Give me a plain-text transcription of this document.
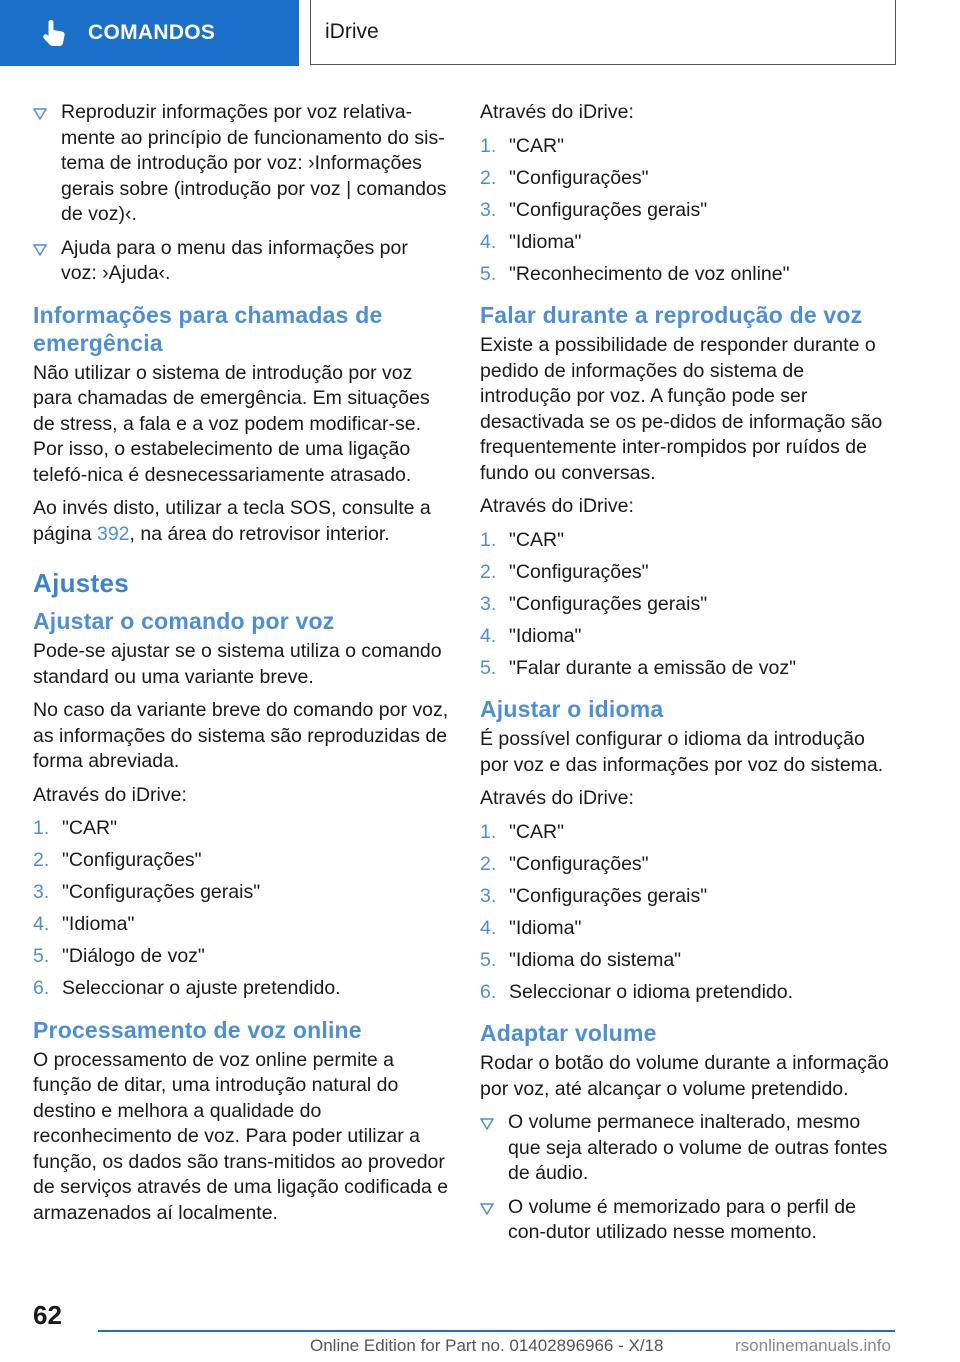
COMANDOS	iDrive
Reproduzir informações por voz relativa-mente ao princípio de funcionamento do sis-tema de introdução por voz: ›Informações gerais sobre (introdução por voz | comandos de voz)‹.
Ajuda para o menu das informações por voz: ›Ajuda‹.
Informações para chamadas de emergência

Não utilizar o sistema de introdução por voz para chamadas de emergência. Em situações de stress, a fala e a voz podem modificar-se. Por isso, o estabelecimento de uma ligação telefó-nica é desnecessariamente atrasado.

Ao invés disto, utilizar a tecla SOS, consulte a página 392, na área do retrovisor interior.

Ajustes
Ajustar o comando por voz

Pode-se ajustar se o sistema utiliza o comando standard ou uma variante breve.

No caso da variante breve do comando por voz, as informações do sistema são reproduzidas de forma abreviada.

Através do iDrive:

1. "CAR"
2. "Configurações"
3. "Configurações gerais"
4. "Idioma"
5. "Diálogo de voz"
6. Seleccionar o ajuste pretendido.
Processamento de voz online

O processamento de voz online permite a função de ditar, uma introdução natural do destino e melhora a qualidade do reconhecimento de voz. Para poder utilizar a função, os dados são trans-mitidos ao provedor de serviços através de uma ligação codificada e armazenados aí localmente.

Através do iDrive:

1. "CAR"
2. "Configurações"
3. "Configurações gerais"
4. "Idioma"
5. "Reconhecimento de voz online"
Falar durante a reprodução de voz

Existe a possibilidade de responder durante o pedido de informações do sistema de introdução por voz. A função pode ser desactivada se os pe-didos de informação são frequentemente inter-rompidos por ruídos de fundo ou conversas.

Através do iDrive:

1. "CAR"
2. "Configurações"
3. "Configurações gerais"
4. "Idioma"
5. "Falar durante a emissão de voz"
Ajustar o idioma

É possível configurar o idioma da introdução por voz e das informações por voz do sistema.

Através do iDrive:

1. "CAR"
2. "Configurações"
3. "Configurações gerais"
4. "Idioma"
5. "Idioma do sistema"
6. Seleccionar o idioma pretendido.
Adaptar volume

Rodar o botão do volume durante a informação por voz, até alcançar o volume pretendido.

O volume permanece inalterado, mesmo que seja alterado o volume de outras fontes de áudio.
O volume é memorizado para o perfil de con-dutor utilizado nesse momento.
62
Online Edition for Part no. 01402896966 - X/18	rsonlinemanuals.info
